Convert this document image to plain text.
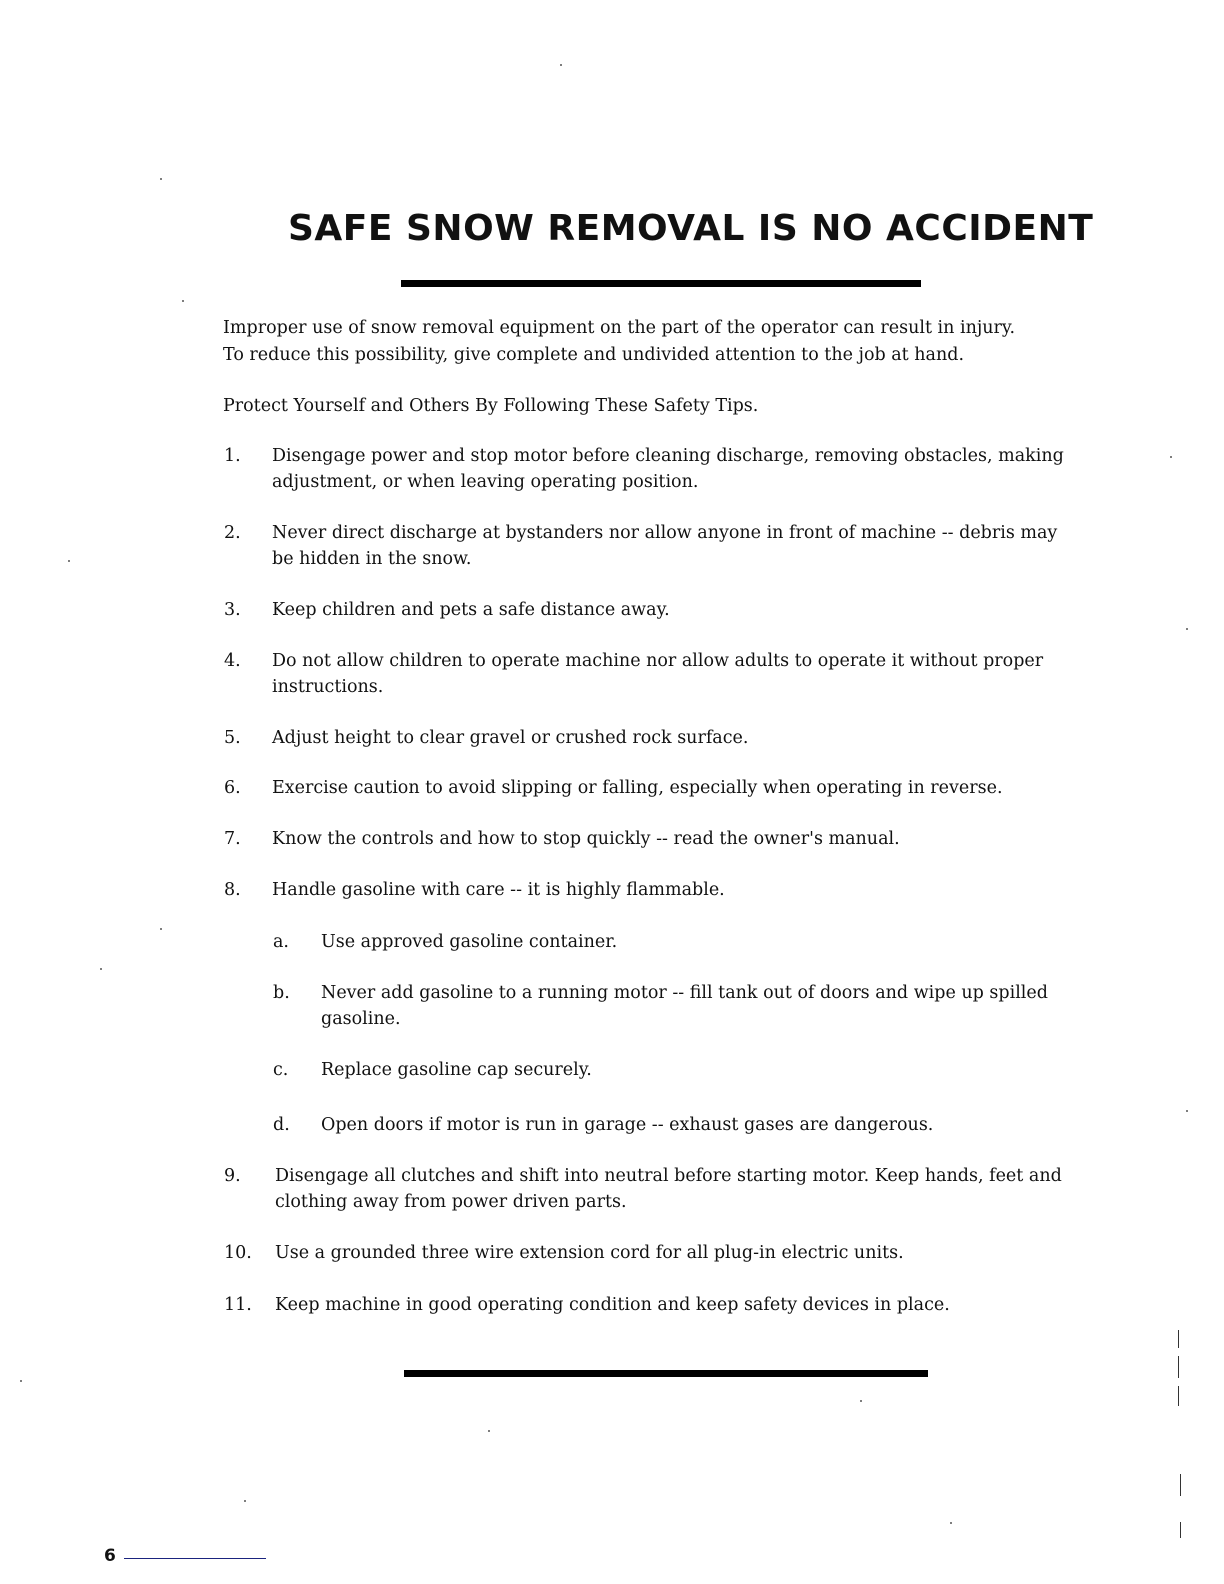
SAFE SNOW REMOVAL IS NO ACCIDENT

Improper use of snow removal equipment on the part of the operator can result in injury.
To reduce this possibility, give complete and undivided attention to the job at hand.

Protect Yourself and Others By Following These Safety Tips.

1. Disengage power and stop motor before cleaning discharge, removing obstacles, making adjustment, or when leaving operating position.
2. Never direct discharge at bystanders nor allow anyone in front of machine -- debris may be hidden in the snow.
3. Keep children and pets a safe distance away.
4. Do not allow children to operate machine nor allow adults to operate it without proper instructions.
5. Adjust height to clear gravel or crushed rock surface.
6. Exercise caution to avoid slipping or falling, especially when operating in reverse.
7. Know the controls and how to stop quickly -- read the owner's manual.
8. Handle gasoline with care -- it is highly flammable.
a. Use approved gasoline container.
b. Never add gasoline to a running motor -- fill tank out of doors and wipe up spilled gasoline.
c. Replace gasoline cap securely.
d. Open doors if motor is run in garage -- exhaust gases are dangerous.
9. Disengage all clutches and shift into neutral before starting motor. Keep hands, feet and clothing away from power driven parts.
10. Use a grounded three wire extension cord for all plug-in electric units.
11. Keep machine in good operating condition and keep safety devices in place.
6
